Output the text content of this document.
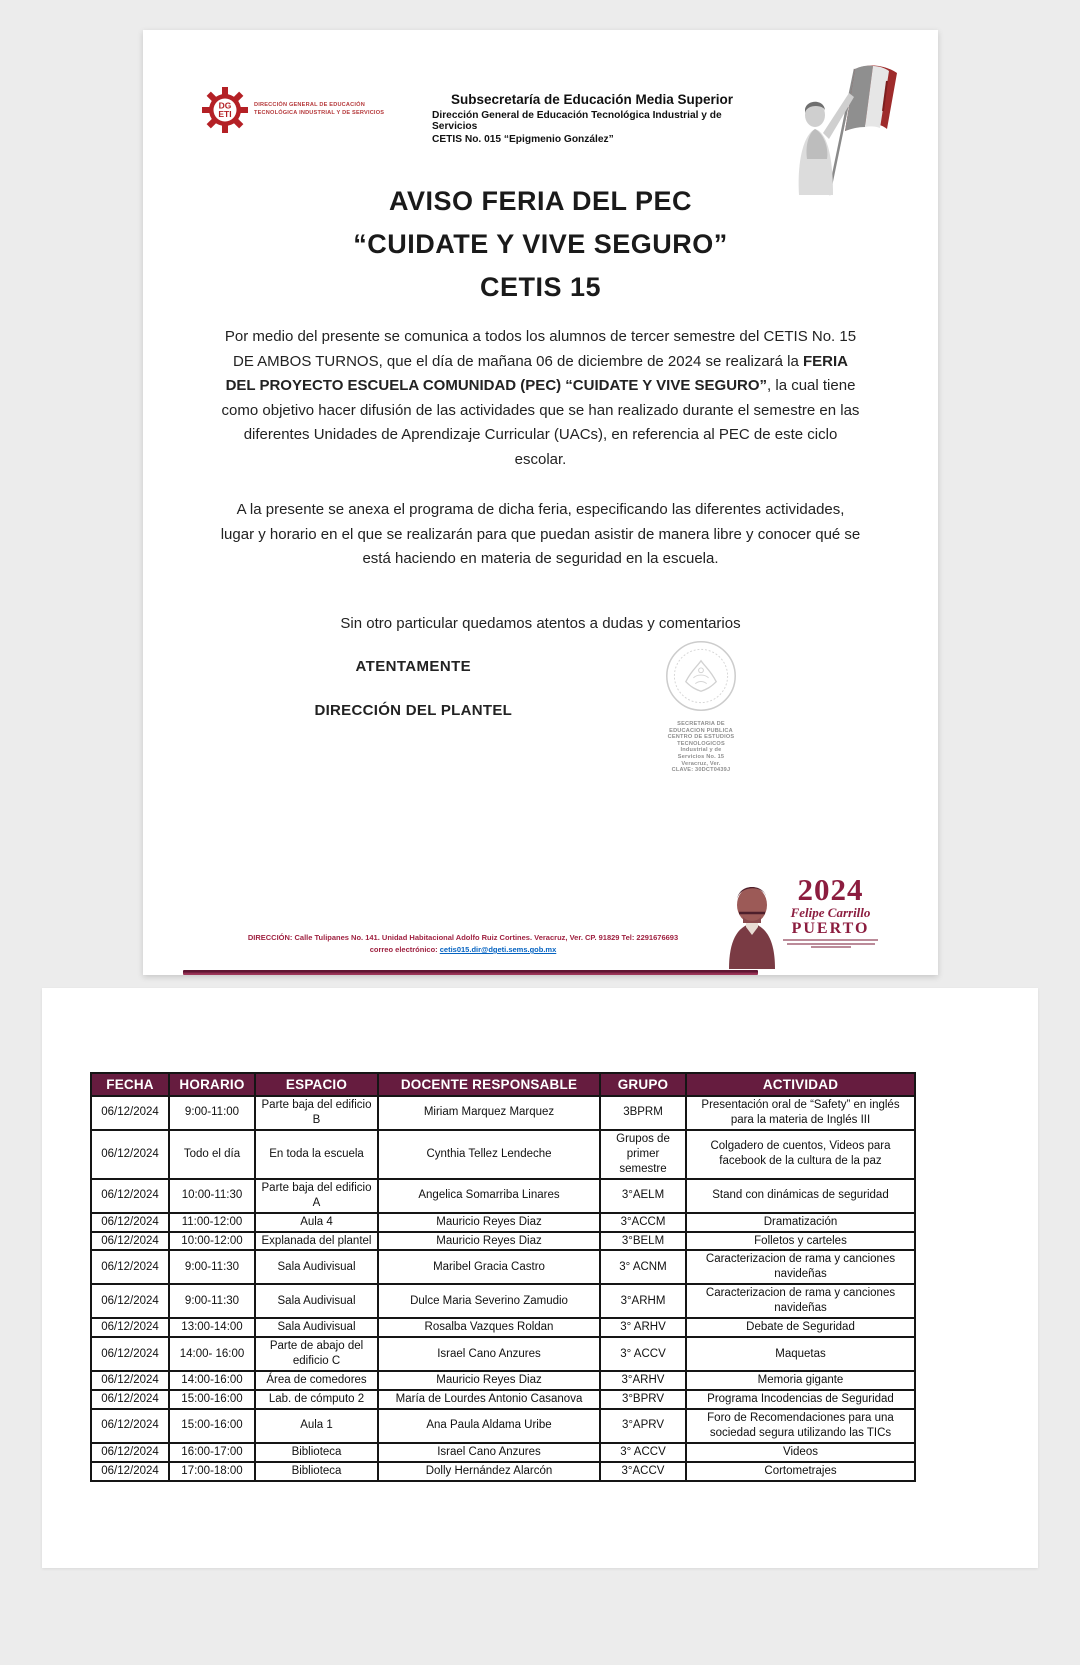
DG
ETI
DIRECCIÓN GENERAL DE EDUCACIÓN
TECNOLÓGICA INDUSTRIAL Y DE SERVICIOS
Subsecretaría de Educación Media Superior
Dirección General de Educación Tecnológica Industrial y de Servicios
CETIS No. 015 “Epigmenio González”
AVISO FERIA DEL PEC
“CUIDATE Y VIVE SEGURO”
CETIS 15

Por medio del presente se comunica a todos los alumnos de tercer semestre del CETIS No. 15 DE AMBOS TURNOS, que el día de mañana 06 de diciembre de 2024 se realizará la FERIA DEL PROYECTO ESCUELA COMUNIDAD (PEC) “CUIDATE Y VIVE SEGURO”, la cual tiene como objetivo hacer difusión de las actividades que se han realizado durante el semestre en las diferentes Unidades de Aprendizaje Curricular (UACs), en referencia al PEC de este ciclo escolar.

A la presente se anexa el programa de dicha feria, especificando las diferentes actividades, lugar y horario en el que se realizarán para que puedan asistir de manera libre y conocer qué se está haciendo en materia de seguridad en la escuela.

Sin otro particular quedamos atentos a dudas y comentarios

ATENTAMENTE
DIRECCIÓN DEL PLANTEL
SECRETARIA DE
EDUCACION PUBLICA
CENTRO DE ESTUDIOS
TECNOLOGICOS
Industrial y de
Servicios No. 15
Veracruz, Ver.
CLAVE: 30DCT0439J
DIRECCIÓN: Calle Tulipanes No. 141. Unidad Habitacional Adolfo Ruiz Cortines. Veracruz, Ver. CP. 91829 Tel: 2291676693
correo electrónico: cetis015.dir@dgeti.sems.gob.mx
2024
Felipe Carrillo
PUERTO
FECHA	HORARIO	ESPACIO	DOCENTE RESPONSABLE	GRUPO	ACTIVIDAD
06/12/2024	9:00-11:00	Parte baja del edificio B	Miriam Marquez Marquez	3BPRM	Presentación oral de “Safety” en inglés para la materia de Inglés III
06/12/2024	Todo el día	En toda la escuela	Cynthia Tellez Lendeche	Grupos de primer semestre	Colgadero de cuentos, Videos para facebook de la cultura de la paz
06/12/2024	10:00-11:30	Parte baja del edificio A	Angelica Somarriba Linares	3°AELM	Stand con dinámicas de seguridad
06/12/2024	11:00-12:00	Aula 4	Mauricio Reyes Diaz	3°ACCM	Dramatización
06/12/2024	10:00-12:00	Explanada del plantel	Mauricio Reyes Diaz	3°BELM	Folletos y carteles
06/12/2024	9:00-11:30	Sala Audivisual	Maribel Gracia Castro	3° ACNM	Caracterizacion de rama y canciones navideñas
06/12/2024	9:00-11:30	Sala Audivisual	Dulce Maria Severino Zamudio	3°ARHM	Caracterizacion de rama y canciones navideñas
06/12/2024	13:00-14:00	Sala Audivisual	Rosalba Vazques Roldan	3° ARHV	Debate de Seguridad
06/12/2024	14:00- 16:00	Parte de abajo del edificio C	Israel Cano Anzures	3° ACCV	Maquetas
06/12/2024	14:00-16:00	Área de comedores	Mauricio Reyes Diaz	3°ARHV	Memoria gigante
06/12/2024	15:00-16:00	Lab. de cómputo 2	María de Lourdes Antonio Casanova	3°BPRV	Programa Incodencias de Seguridad
06/12/2024	15:00-16:00	Aula 1	Ana Paula Aldama Uribe	3°APRV	Foro de Recomendaciones para una sociedad segura utilizando las TICs
06/12/2024	16:00-17:00	Biblioteca	Israel Cano Anzures	3° ACCV	Videos
06/12/2024	17:00-18:00	Biblioteca	Dolly Hernández Alarcón	3°ACCV	Cortometrajes
